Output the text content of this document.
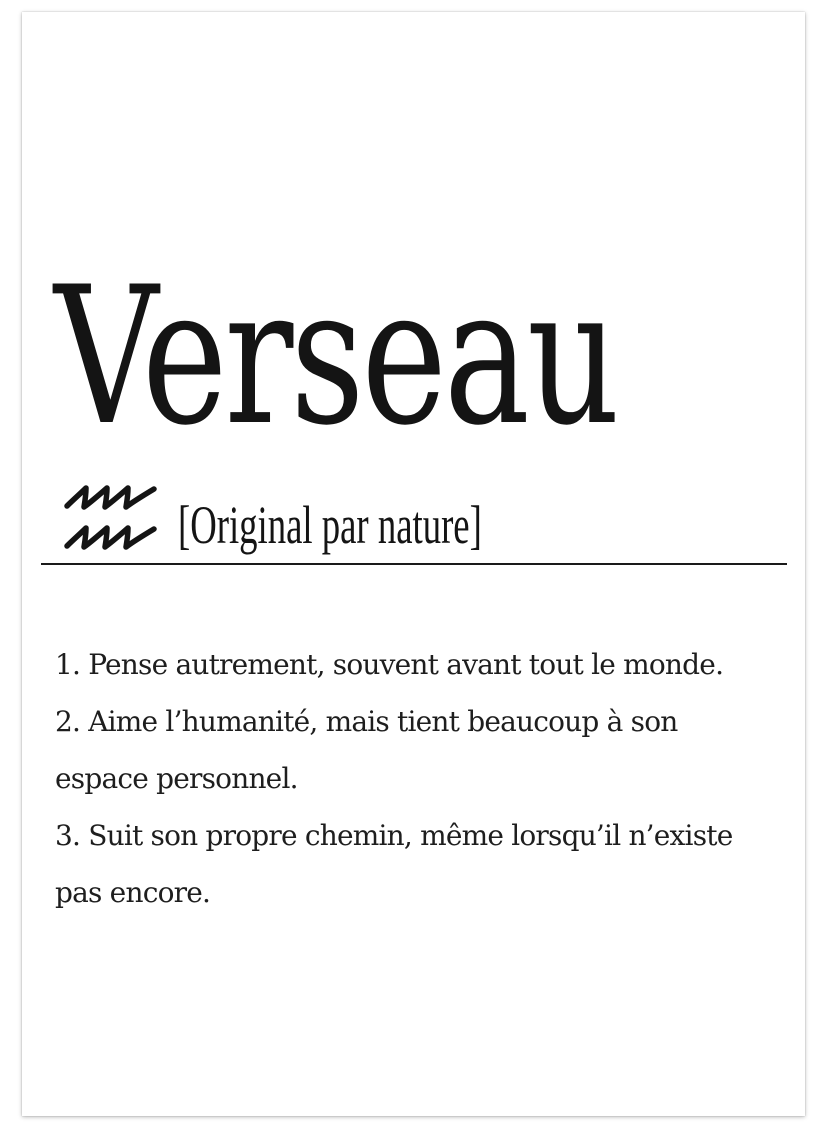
Verseau
[Original par nature]
1. Pense autrement, souvent avant tout le monde.
2. Aime l’humanité, mais tient beaucoup à son espace personnel.
3. Suit son propre chemin, même lorsqu’il n’existe pas encore.
